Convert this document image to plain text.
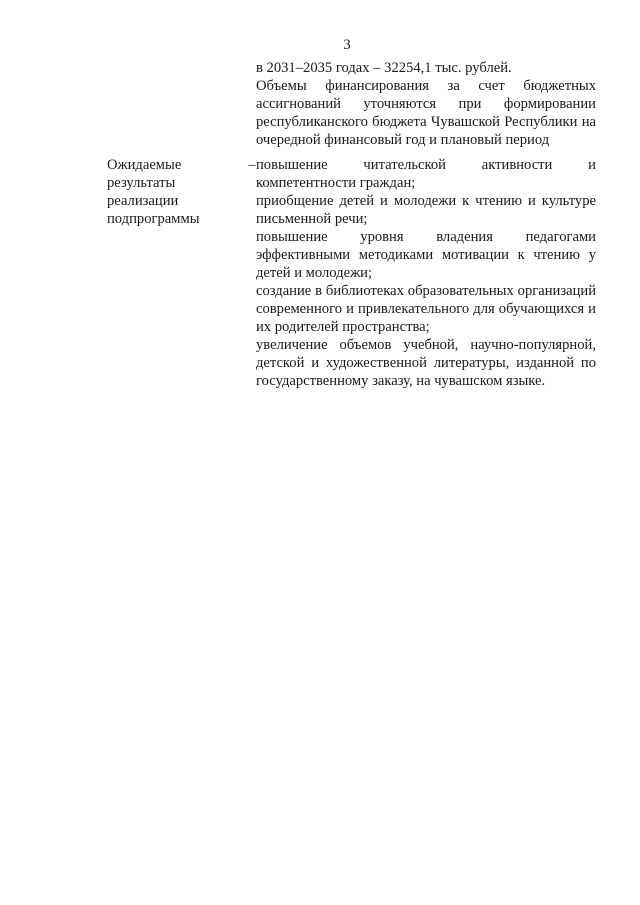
3

в 2031–2035 годах – 32254,1 тыс. рублей.

Объемы финансирования за счет бюджетных ассигнований уточняются при формировании республиканского бюджета Чувашской Республики на очередной финансовый год и плановый период

Ожидаемые результаты реализации подпрограммы
– повышение читательской активности и компетентности граждан;

приобщение детей и молодежи к чтению и культуре письменной речи;

повышение уровня владения педагогами эффективными методиками мотивации к чтению у детей и молодежи;

создание в библиотеках образовательных организаций современного и привлекательного для обучающихся и их родителей пространства;

увеличение объемов учебной, научно-популярной, детской и художественной литературы, изданной по государственному заказу, на чувашском языке.
